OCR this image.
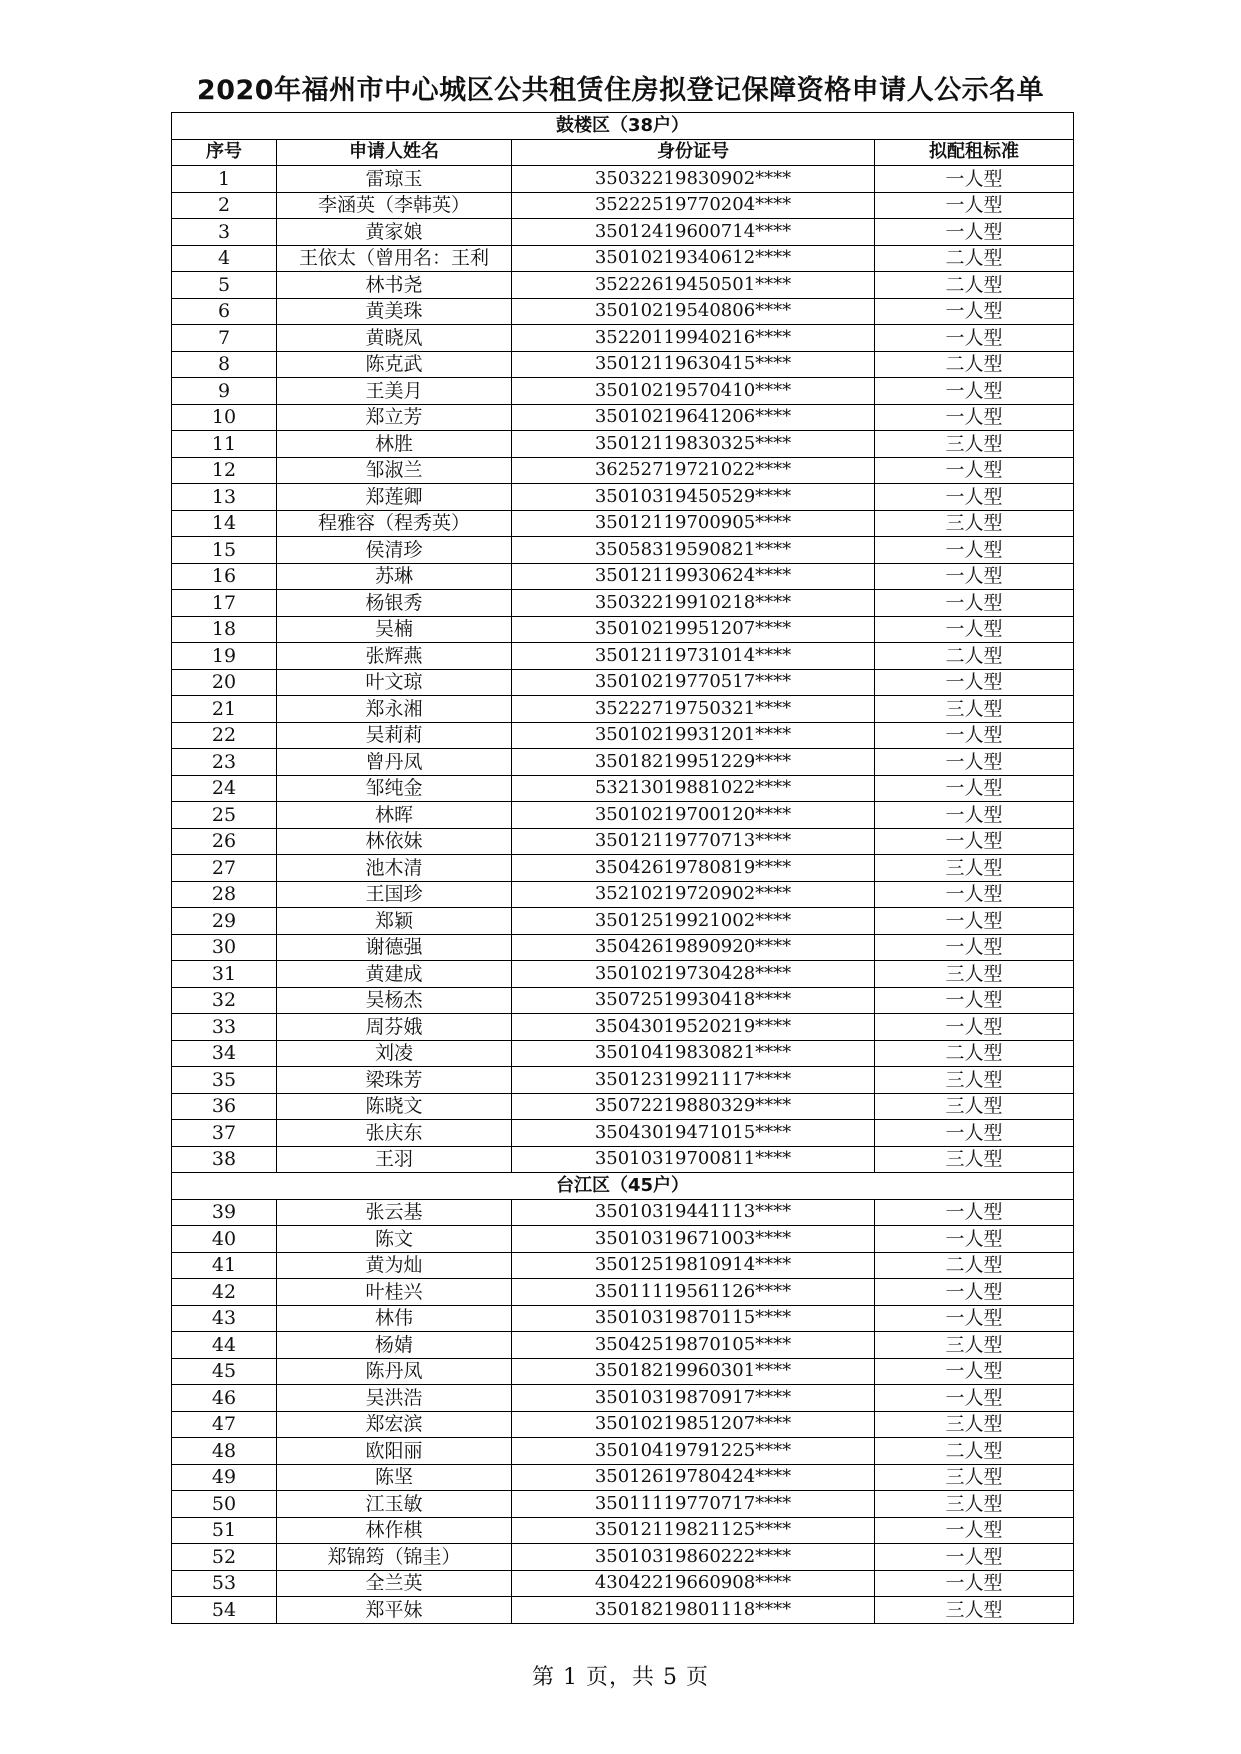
2020年福州市中心城区公共租赁住房拟登记保障资格申请人公示名单
鼓楼区（38户）			
序号	申请人姓名	身份证号	拟配租标准
1	雷琼玉	35032219830902****	一人型
2	李涵英（李韩英）	35222519770204****	一人型
3	黄家娘	35012419600714****	一人型
4	王依太（曾用名：王利	35010219340612****	二人型
5	林书尧	35222619450501****	二人型
6	黄美珠	35010219540806****	一人型
7	黄晓凤	35220119940216****	一人型
8	陈克武	35012119630415****	二人型
9	王美月	35010219570410****	一人型
10	郑立芳	35010219641206****	一人型
11	林胜	35012119830325****	三人型
12	邹淑兰	36252719721022****	一人型
13	郑莲卿	35010319450529****	一人型
14	程雅容（程秀英）	35012119700905****	三人型
15	侯清珍	35058319590821****	一人型
16	苏琳	35012119930624****	一人型
17	杨银秀	35032219910218****	一人型
18	吴楠	35010219951207****	一人型
19	张辉燕	35012119731014****	二人型
20	叶文琼	35010219770517****	一人型
21	郑永湘	35222719750321****	三人型
22	吴莉莉	35010219931201****	一人型
23	曾丹凤	35018219951229****	一人型
24	邹纯金	53213019881022****	一人型
25	林晖	35010219700120****	一人型
26	林依妹	35012119770713****	一人型
27	池木清	35042619780819****	三人型
28	王国珍	35210219720902****	一人型
29	郑颖	35012519921002****	一人型
30	谢德强	35042619890920****	一人型
31	黄建成	35010219730428****	三人型
32	吴杨杰	35072519930418****	一人型
33	周芬娥	35043019520219****	一人型
34	刘凌	35010419830821****	二人型
35	梁珠芳	35012319921117****	三人型
36	陈晓文	35072219880329****	三人型
37	张庆东	35043019471015****	一人型
38	王羽	35010319700811****	三人型
台江区（45户）			
39	张云基	35010319441113****	一人型
40	陈文	35010319671003****	一人型
41	黄为灿	35012519810914****	二人型
42	叶桂兴	35011119561126****	一人型
43	林伟	35010319870115****	一人型
44	杨婧	35042519870105****	三人型
45	陈丹凤	35018219960301****	一人型
46	吴洪浩	35010319870917****	一人型
47	郑宏滨	35010219851207****	三人型
48	欧阳丽	35010419791225****	二人型
49	陈坚	35012619780424****	三人型
50	江玉敏	35011119770717****	三人型
51	林作棋	35012119821125****	一人型
52	郑锦筠（锦圭）	35010319860222****	一人型
53	全兰英	43042219660908****	一人型
54	郑平妹	35018219801118****	三人型
第 1 页，共 5 页
